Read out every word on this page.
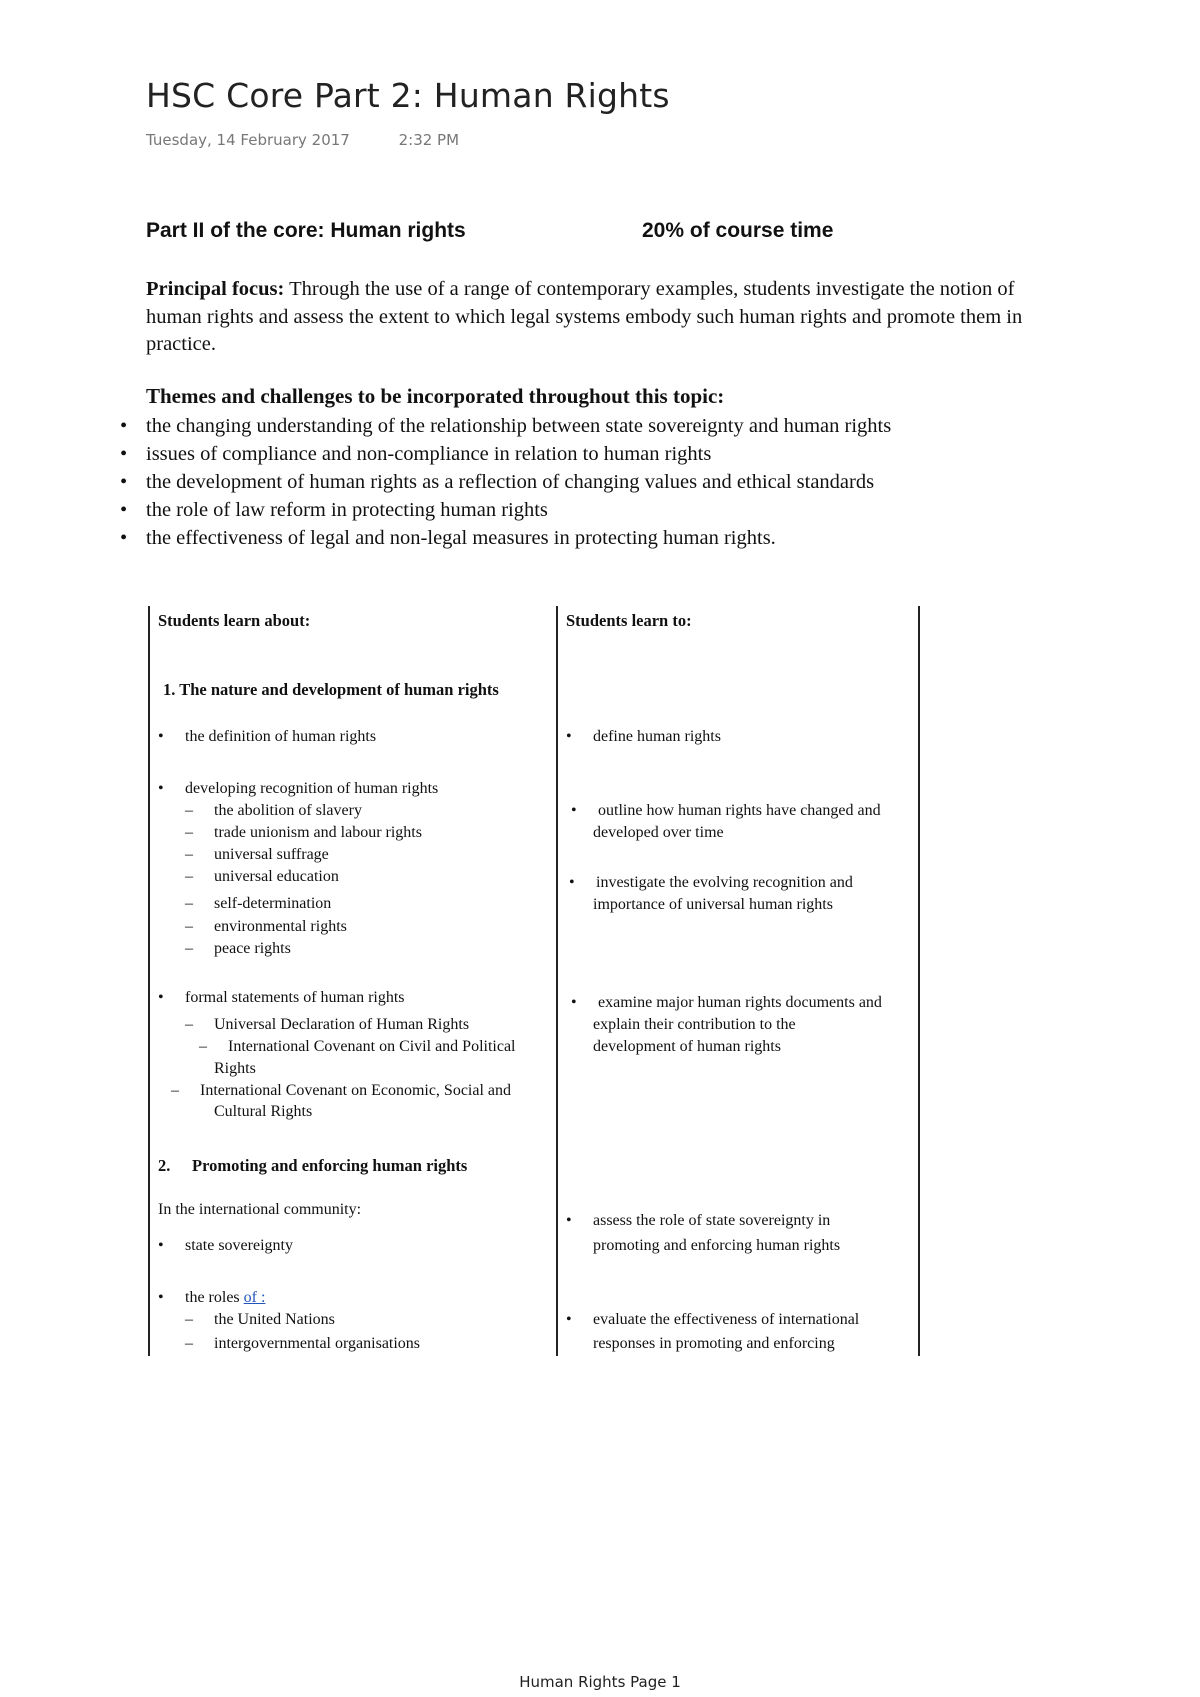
HSC Core Part 2: Human Rights
Tuesday, 14 February 2017	2:32 PM
Part II of the core: Human rights	20% of course time

Principal focus: Through the use of a range of contemporary examples, students investigate the notion of human rights and assess the extent to which legal systems embody such human rights and promote them in practice.

Themes and challenges to be incorporated throughout this topic:
• the changing understanding of the relationship between state sovereignty and human rights
• issues of compliance and non-compliance in relation to human rights
• the development of human rights as a reflection of changing values and ethical standards
• the role of law reform in protecting human rights
• the effectiveness of legal and non-legal measures in protecting human rights.
Students learn about:	Students learn to:
1. The nature and development of human rights
• the definition of human rights
•	define human rights
• developing recognition of human rights
– the abolition of slavery
– trade unionism and labour rights
– universal suffrage
– universal education
– self-determination
– environmental rights
– peace rights
• outline how human rights have changed and
developed over time
• investigate the evolving recognition and
importance of universal human rights
• formal statements of human rights
– Universal Declaration of Human Rights
– International Covenant on Civil and Political
Rights
– International Covenant on Economic, Social and
Cultural Rights
• examine major human rights documents and
explain their contribution to the
development of human rights
2. Promoting and enforcing human rights
In the international community:
• state sovereignty
• assess the role of state sovereignty in
promoting and enforcing human rights
• the roles of :
– the United Nations
– intergovernmental organisations
• evaluate the effectiveness of international
responses in promoting and enforcing
Human Rights Page 1
